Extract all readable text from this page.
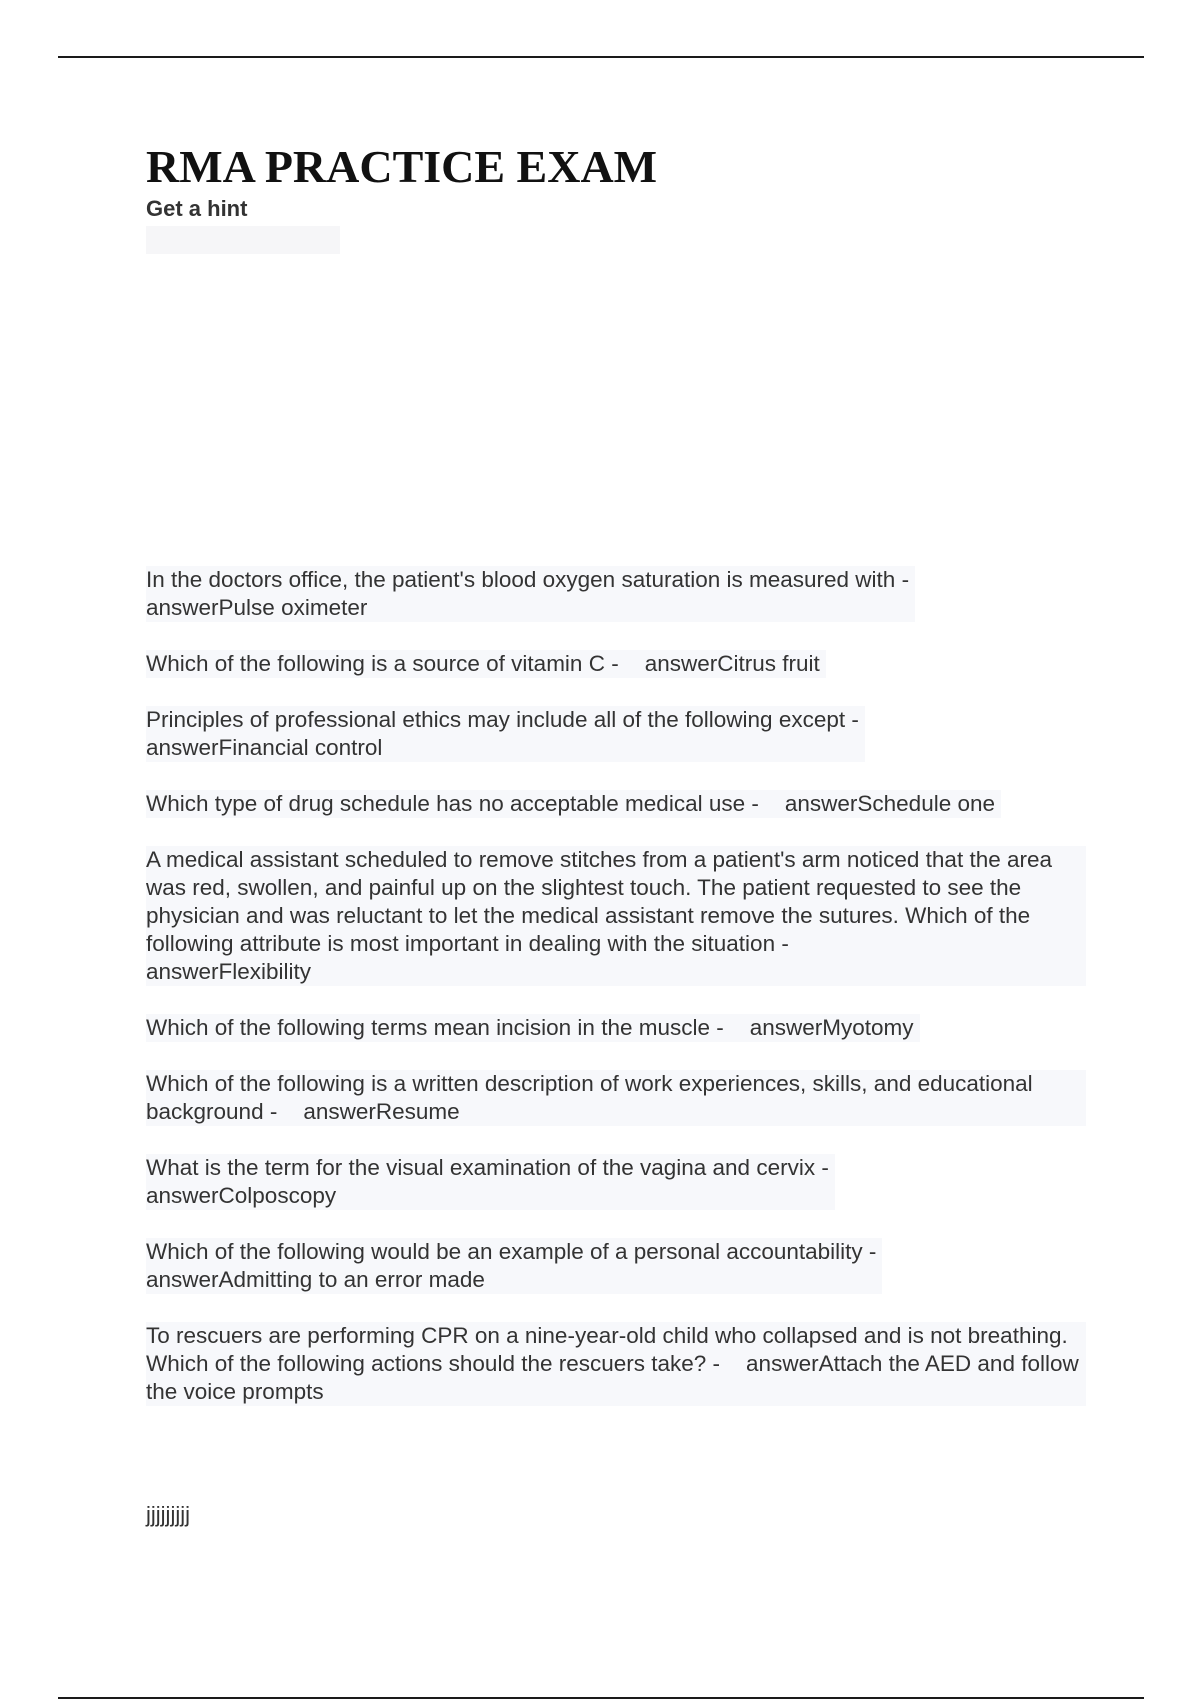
RMA PRACTICE EXAM
Get a hint
In the doctors office, the patient's blood oxygen saturation is measured with -
answerPulse oximeter
Which of the following is a source of vitamin C - answerCitrus fruit
Principles of professional ethics may include all of the following except -
answerFinancial control
Which type of drug schedule has no acceptable medical use - answerSchedule one
A medical assistant scheduled to remove stitches from a patient's arm noticed that the area was red, swollen, and painful up on the slightest touch. The patient requested to see the physician and was reluctant to let the medical assistant remove the sutures. Which of the following attribute is most important in dealing with the situation -
answerFlexibility
Which of the following terms mean incision in the muscle - answerMyotomy
Which of the following is a written description of work experiences, skills, and educational background - answerResume
What is the term for the visual examination of the vagina and cervix -
answerColposcopy
Which of the following would be an example of a personal accountability -
answerAdmitting to an error made
To rescuers are performing CPR on a nine-year-old child who collapsed and is not breathing. Which of the following actions should the rescuers take? - answerAttach the AED and follow the voice prompts
jjjjjjjjj
